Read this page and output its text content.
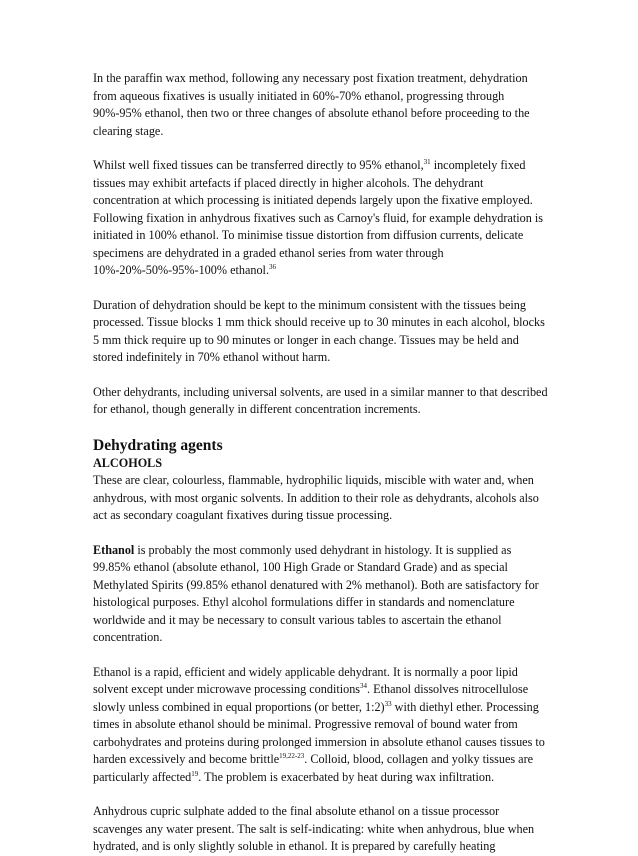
In the paraffin wax method, following any necessary post fixation treatment, dehydration from aqueous fixatives is usually initiated in 60%-70% ethanol, progressing through 90%-95% ethanol, then two or three changes of absolute ethanol before proceeding to the clearing stage.

Whilst well fixed tissues can be transferred directly to 95% ethanol,$^{31}$ incompletely fixed tissues may exhibit artefacts if placed directly in higher alcohols. The dehydrant concentration at which processing is initiated depends largely upon the fixative employed. Following fixation in anhydrous fixatives such as Carnoy's fluid, for example dehydration is initiated in 100% ethanol. To minimise tissue distortion from diffusion currents, delicate specimens are dehydrated in a graded ethanol series from water through 10%-20%-50%-95%-100% ethanol.$^{36}$

Duration of dehydration should be kept to the minimum consistent with the tissues being processed. Tissue blocks 1 mm thick should receive up to 30 minutes in each alcohol, blocks 5 mm thick require up to 90 minutes or longer in each change. Tissues may be held and stored indefinitely in 70% ethanol without harm.

Other dehydrants, including universal solvents, are used in a similar manner to that described for ethanol, though generally in different concentration increments.

Dehydrating agents
ALCOHOLS

These are clear, colourless, flammable, hydrophilic liquids, miscible with water and, when anhydrous, with most organic solvents. In addition to their role as dehydrants, alcohols also act as secondary coagulant fixatives during tissue processing.

Ethanol is probably the most commonly used dehydrant in histology. It is supplied as 99.85% ethanol (absolute ethanol, 100 High Grade or Standard Grade) and as special Methylated Spirits (99.85% ethanol denatured with 2% methanol). Both are satisfactory for histological purposes. Ethyl alcohol formulations differ in standards and nomenclature worldwide and it may be necessary to consult various tables to ascertain the ethanol concentration.

Ethanol is a rapid, efficient and widely applicable dehydrant. It is normally a poor lipid solvent except under microwave processing conditions$^{34}$. Ethanol dissolves nitrocellulose slowly unless combined in equal proportions (or better, 1:2)$^{33}$ with diethyl ether. Processing times in absolute ethanol should be minimal. Progressive removal of bound water from carbohydrates and proteins during prolonged immersion in absolute ethanol causes tissues to harden excessively and become brittle$^{19,22-23}$. Colloid, blood, collagen and yolky tissues are particularly affected$^{19}$. The problem is exacerbated by heat during wax infiltration.

Anhydrous cupric sulphate added to the final absolute ethanol on a tissue processor scavenges any water present. The salt is self-indicating: white when anhydrous, blue when hydrated, and is only slightly soluble in ethanol. It is prepared by carefully heating
